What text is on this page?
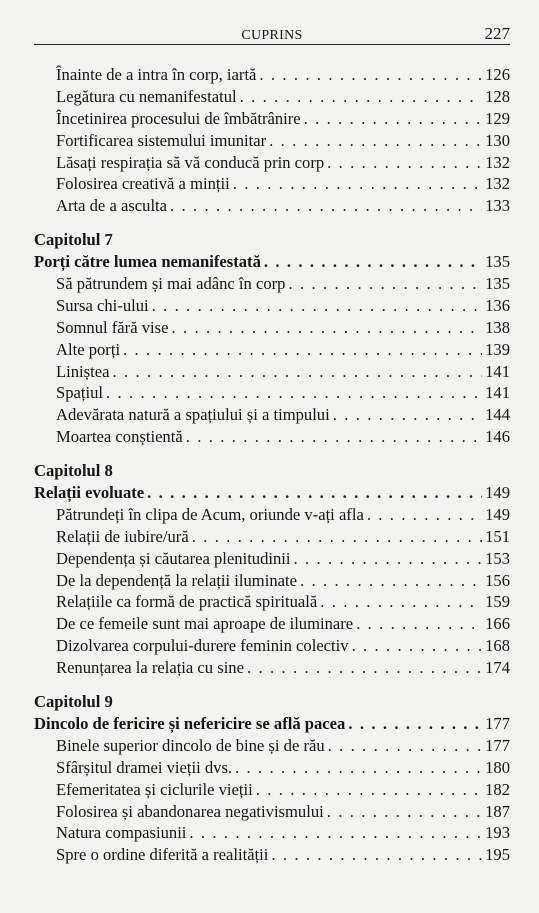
CUPRINS	227
Înainte de a intra în corp, iartă . . .	126
Legătura cu nemanifestatul . . .	128
Încetinirea procesului de îmbătrânire . . .	129
Fortificarea sistemului imunitar . . .	130
Lăsați respirația să vă conducă prin corp . . .	132
Folosirea creativă a minții . . .	132
Arta de a asculta . . .	133
Capitolul 7
Porți către lumea nemanifestată . . .	135
Să pătrundem și mai adânc în corp . . .	135
Sursa chi-ului . . .	136
Somnul fără vise . . .	138
Alte porți . . .	139
Liniștea . . .	141
Spațiul . . .	141
Adevărata natură a spațiului și a timpului . . .	144
Moartea conștientă . . .	146
Capitolul 8
Relații evoluate . . .	149
Pătrundeți în clipa de Acum, oriunde v-ați afla . . .	149
Relații de iubire/ură . . .	151
Dependența și căutarea plenitudinii . . .	153
De la dependență la relații iluminate . . .	156
Relațiile ca formă de practică spirituală . . .	159
De ce femeile sunt mai aproape de iluminare . . .	166
Dizolvarea corpului-durere feminin colectiv . . .	168
Renunțarea la relația cu sine . . .	174
Capitolul 9
Dincolo de fericire și nefericire se află pacea . . .	177
Binele superior dincolo de bine și de rău . . .	177
Sfârșitul dramei vieții dvs. . . .	180
Efemeritatea și ciclurile vieții . . .	182
Folosirea și abandonarea negativismului . . .	187
Natura compasiunii . . .	193
Spre o ordine diferită a realității . . .	195
